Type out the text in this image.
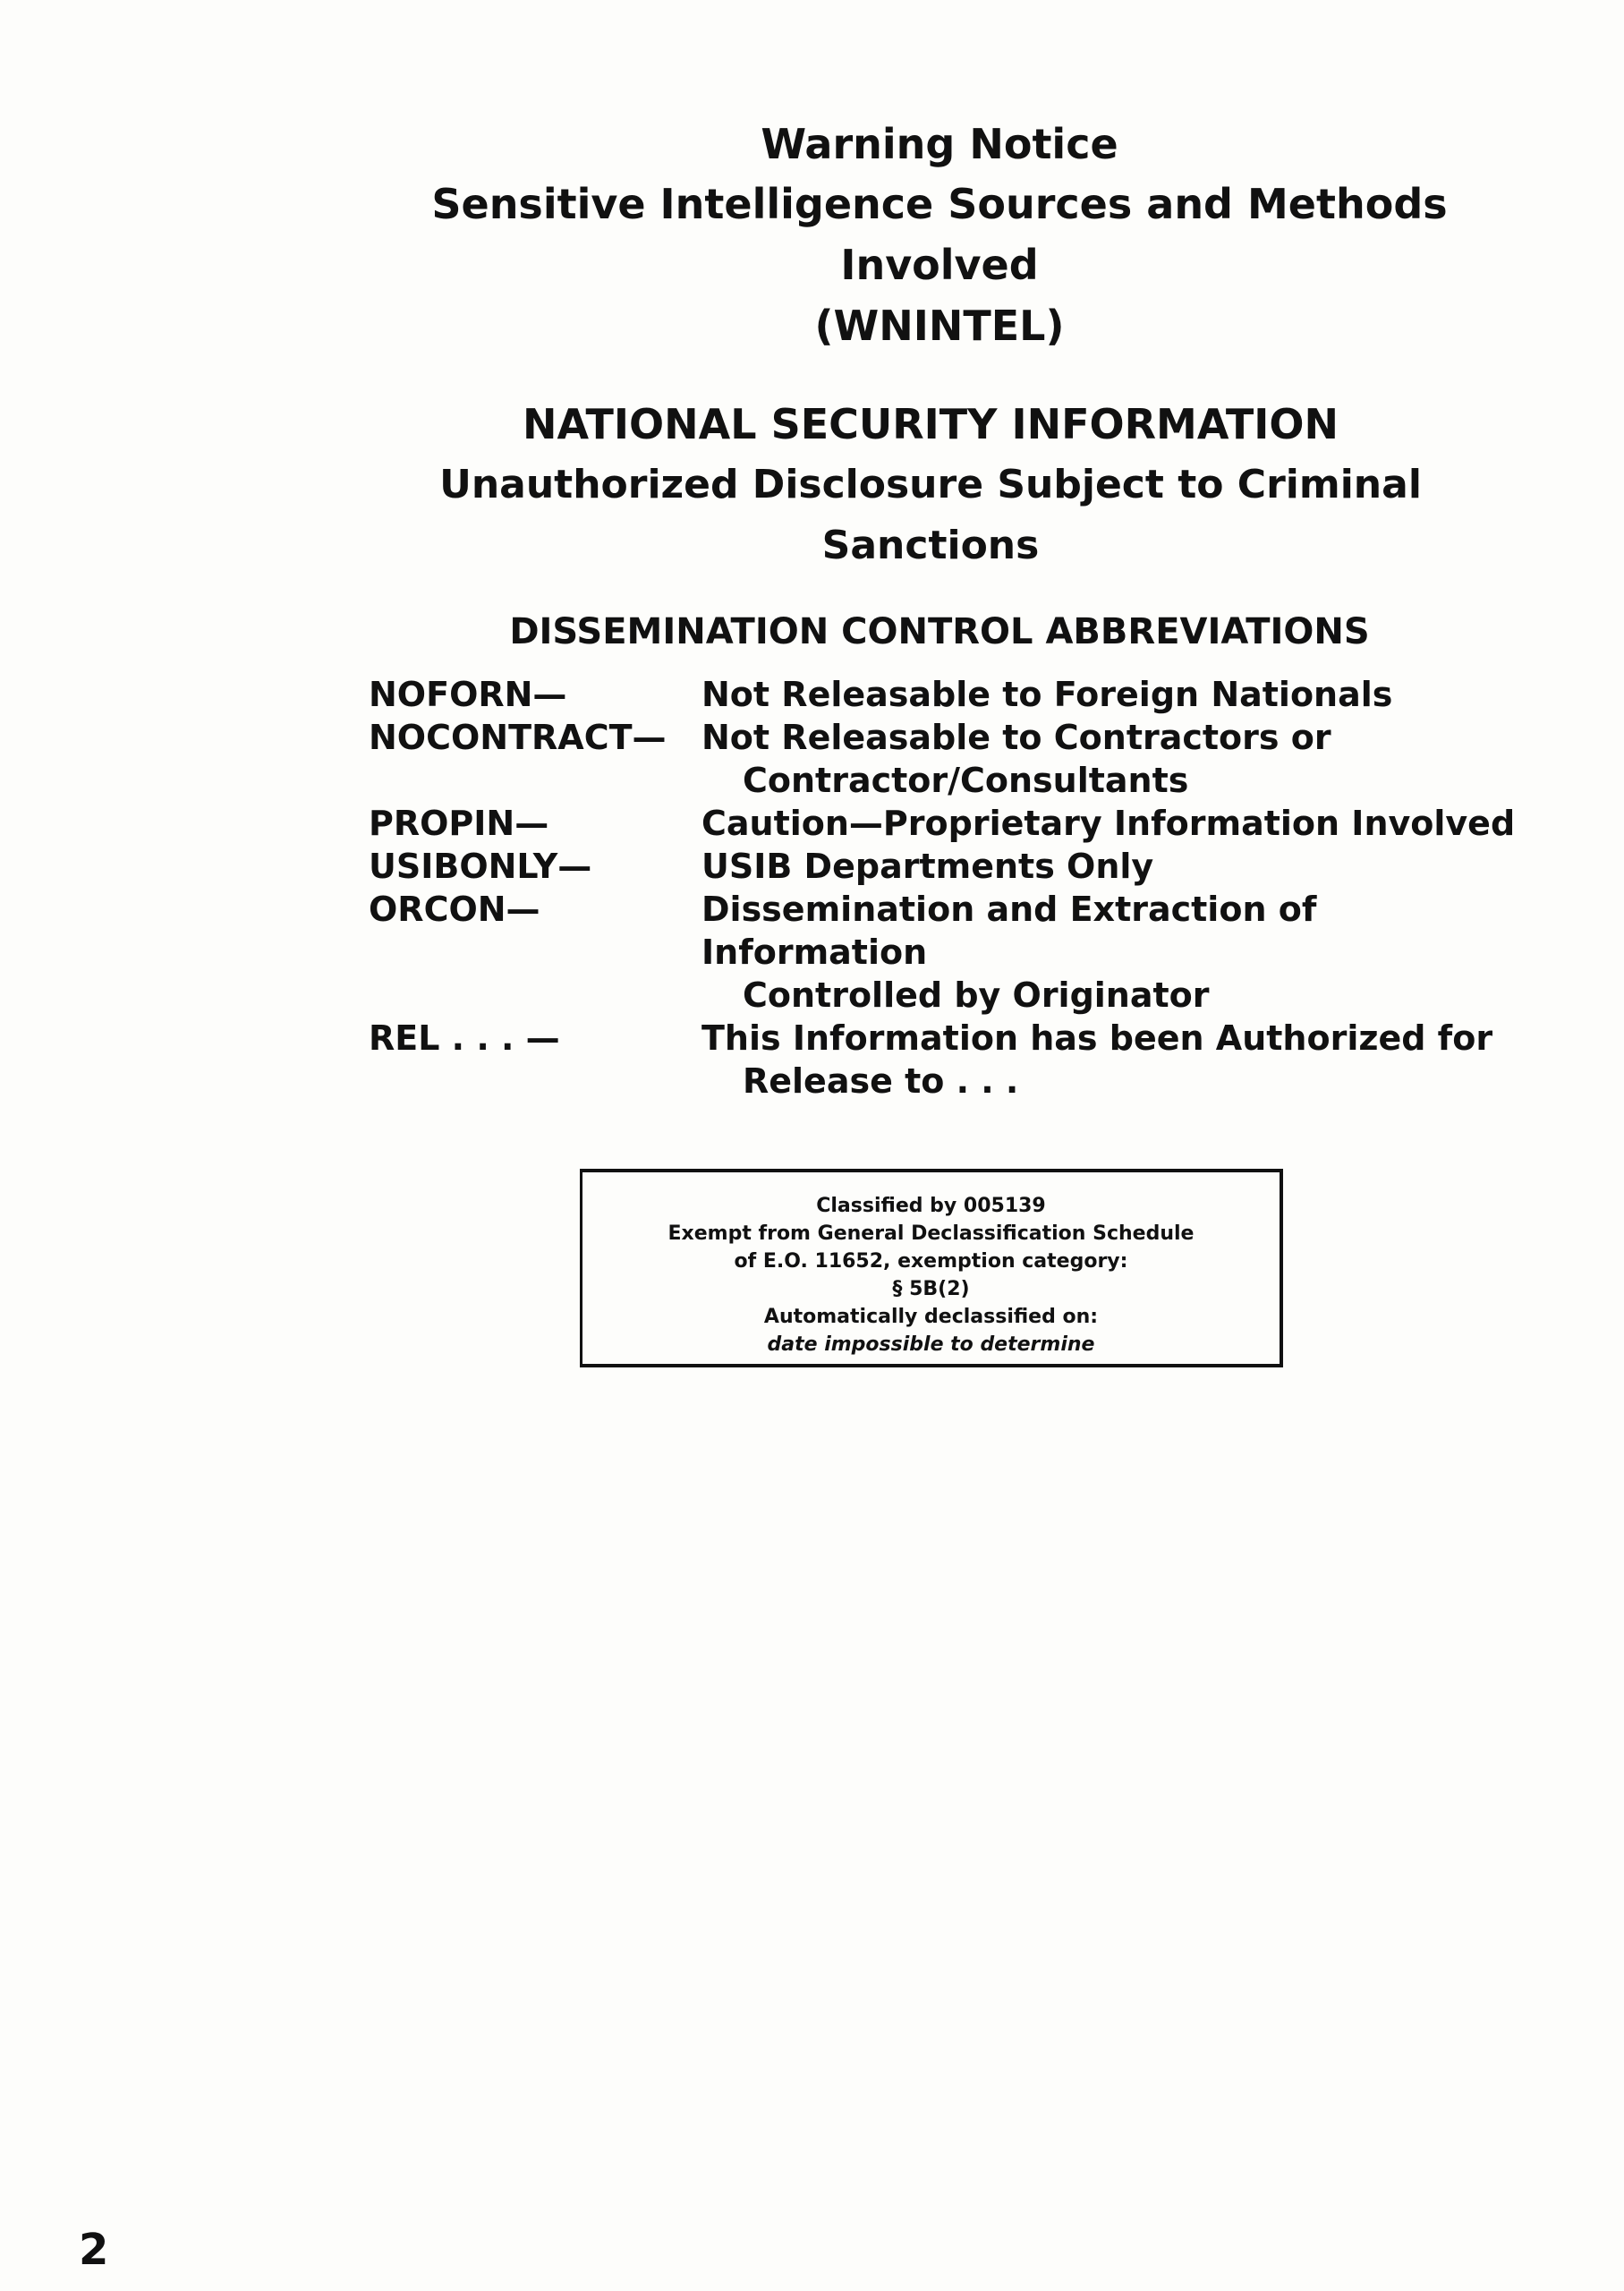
Warning Notice
Sensitive Intelligence Sources and Methods Involved
(WNINTEL)
NATIONAL SECURITY INFORMATION
Unauthorized Disclosure Subject to Criminal Sanctions
DISSEMINATION CONTROL ABBREVIATIONS
NOFORN—	Not Releasable to Foreign Nationals
NOCONTRACT—	Not Releasable to Contractors or
Contractor/Consultants
PROPIN—	Caution—Proprietary Information Involved
USIBONLY—	USIB Departments Only
ORCON—	Dissemination and Extraction of Information
Controlled by Originator
REL . . . —	This Information has been Authorized for
Release to . . .
Classified by 005139
Exempt from General Declassification Schedule
of E.O. 11652, exemption category:
§ 5B(2)
Automatically declassified on:
date impossible to determine
2
